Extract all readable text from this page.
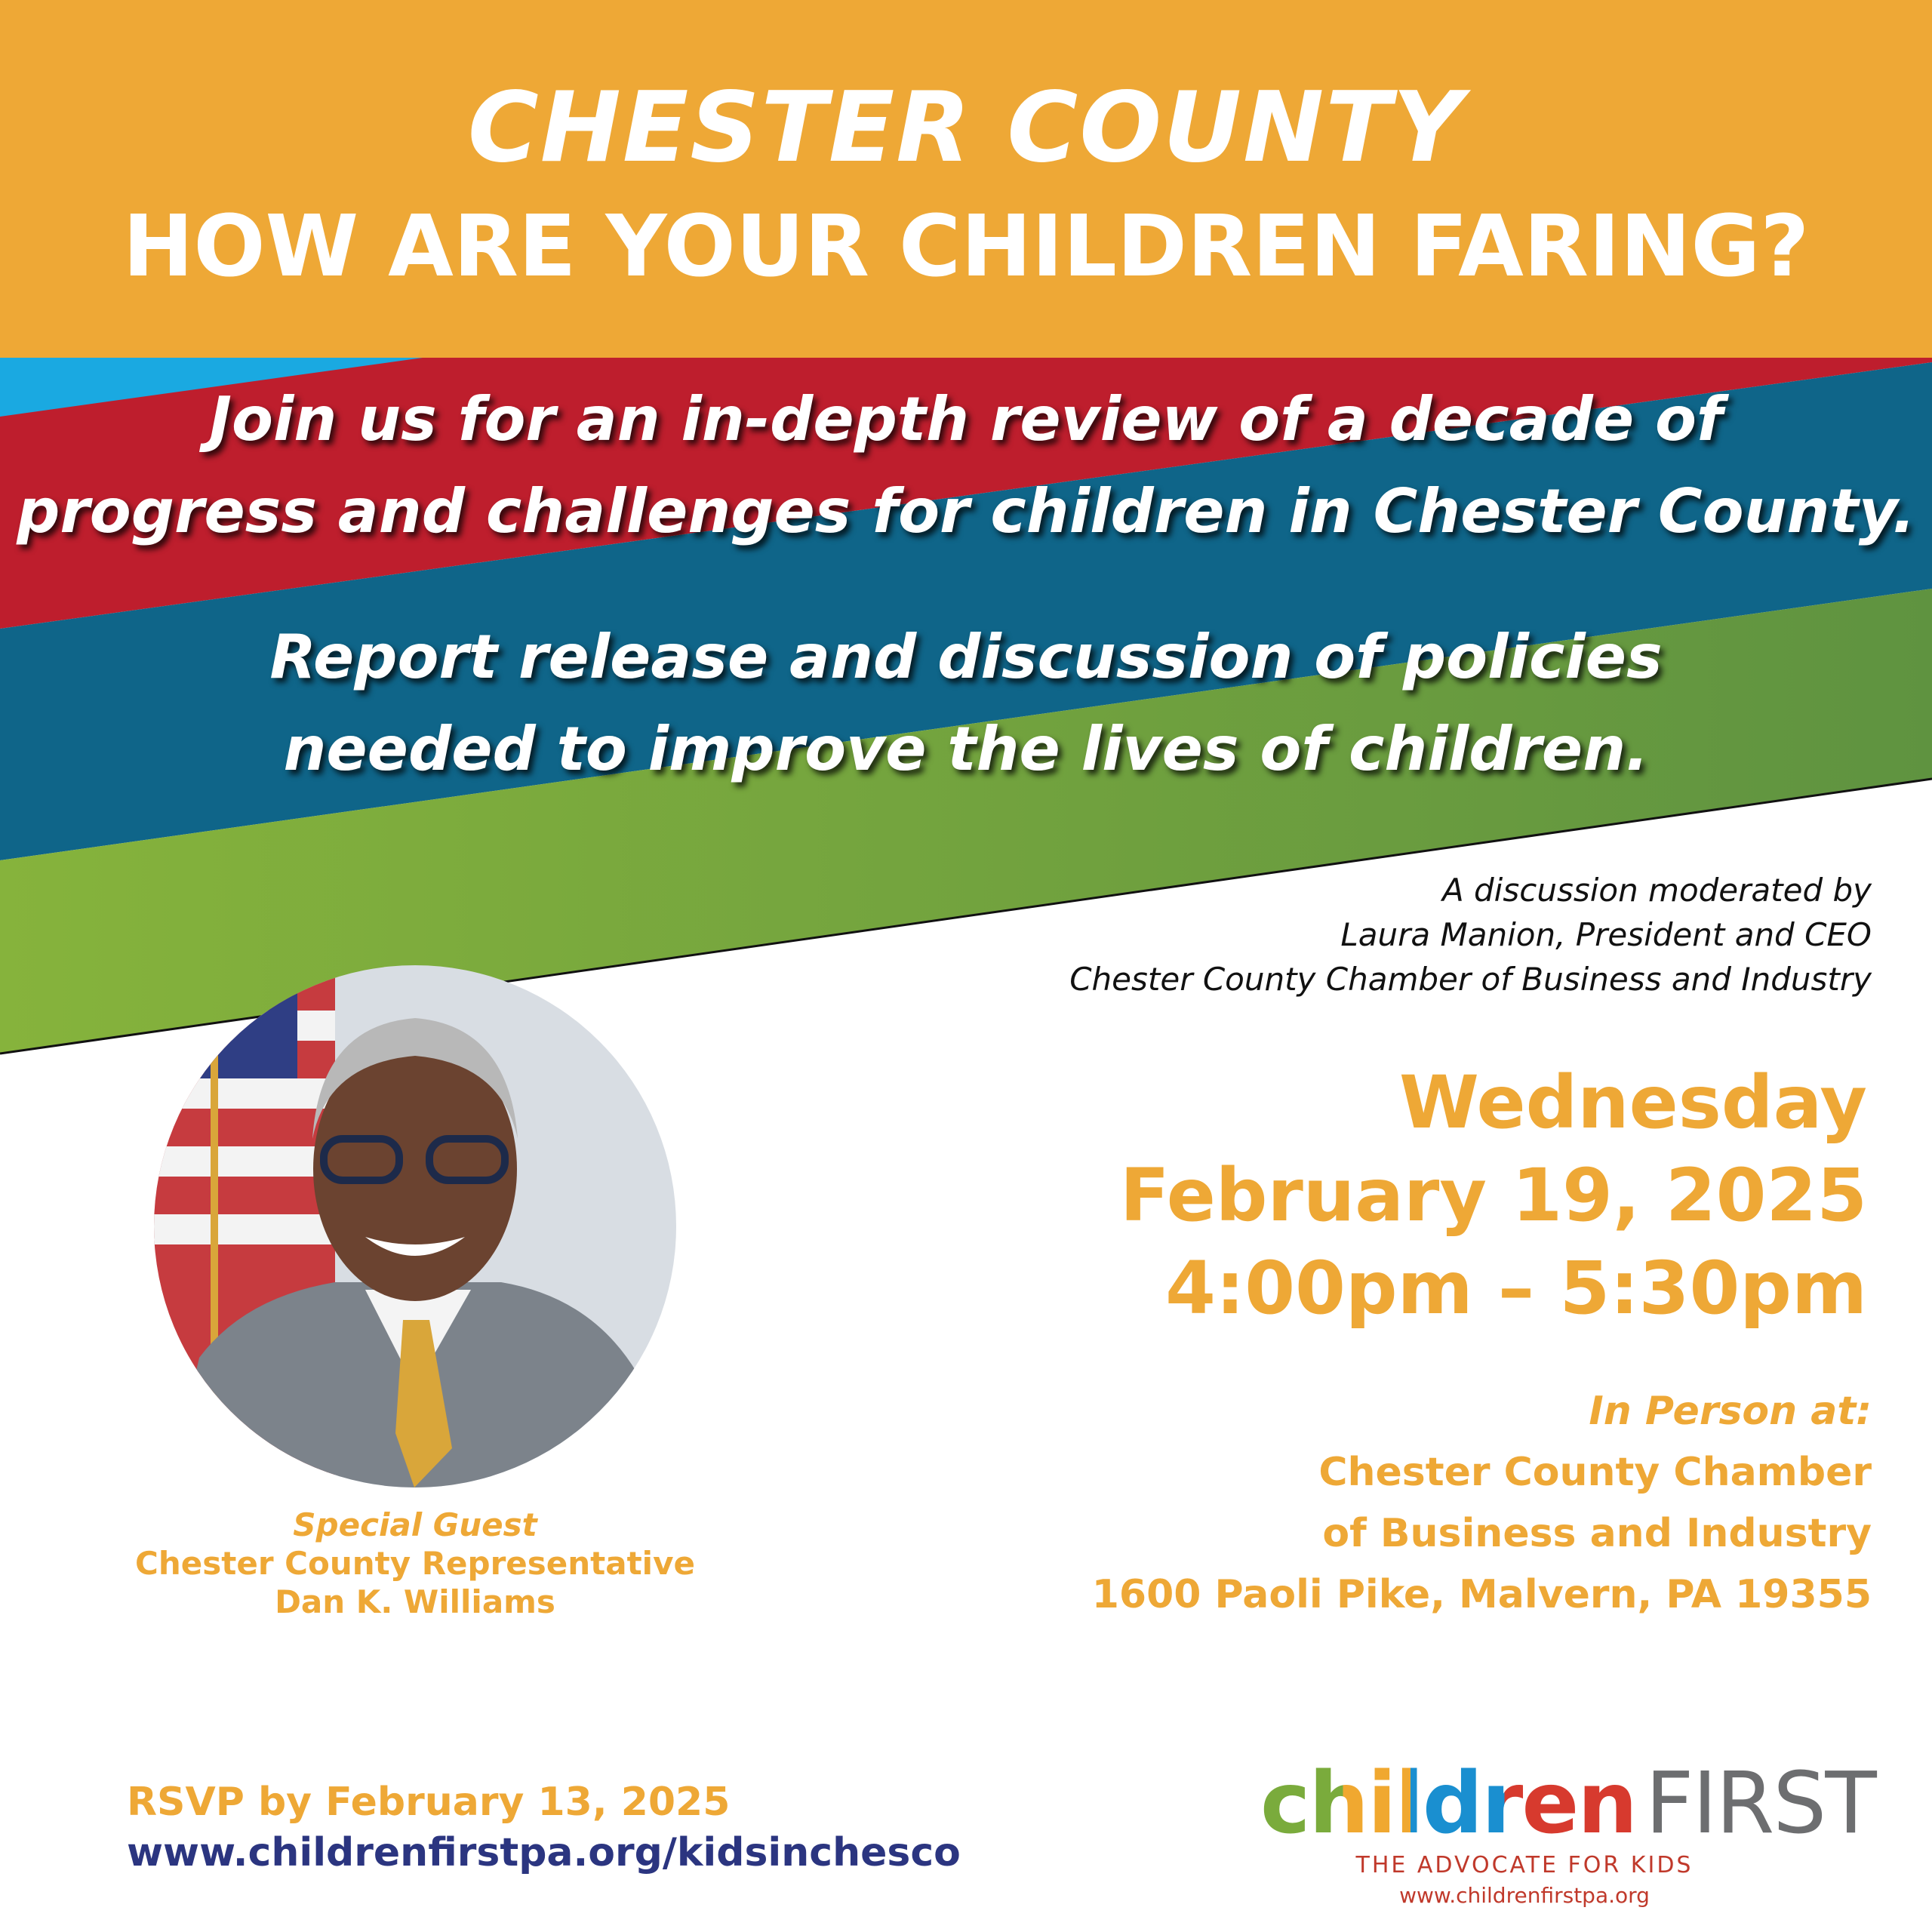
CHESTER COUNTY
HOW ARE YOUR CHILDREN FARING?
Join us for an in-depth review of a decade of
progress and challenges for children in Chester County.
Report release and discussion of policies
needed to improve the lives of children.
A discussion moderated by
Laura Manion, President and CEO
Chester County Chamber of Business and Industry
Special Guest
Chester County Representative
Dan K. Williams
Wednesday
February 19, 2025
4:00pm – 5:30pm
In Person at:
Chester County Chamber
of Business and Industry
1600 Paoli Pike, Malvern, PA 19355
RSVP by February 13, 2025
www.childrenfirstpa.org/kidsinchesco	children FIRST
THE ADVOCATE FOR KIDS
www.childrenfirstpa.org
